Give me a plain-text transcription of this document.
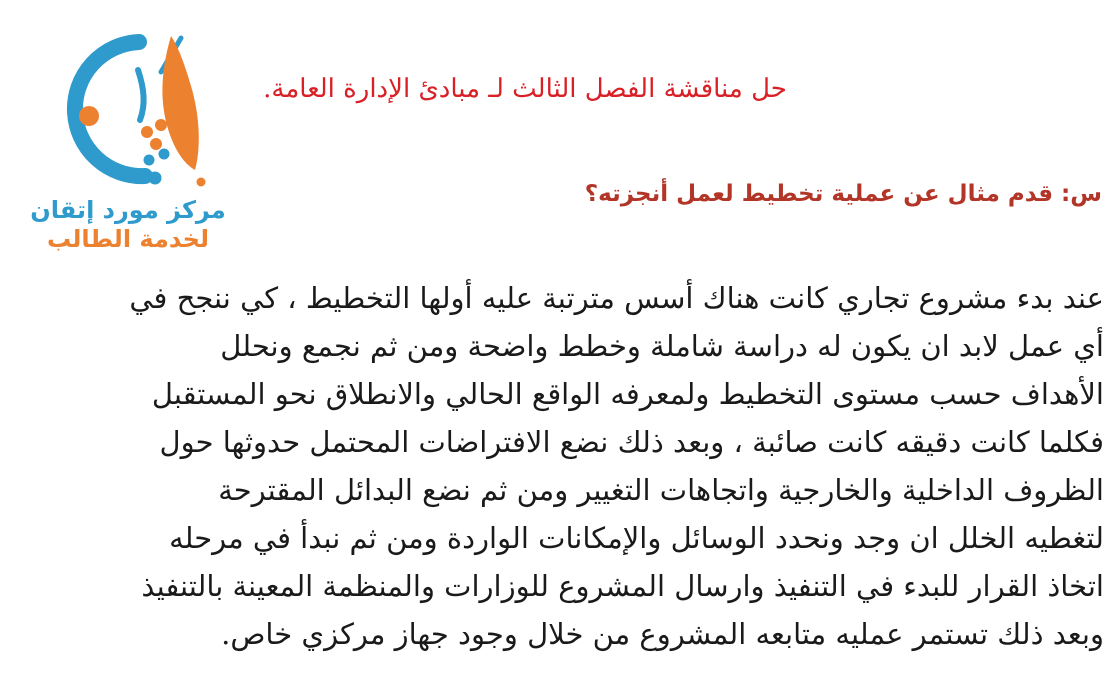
مركز مورد إتقان
لخدمة الطالب
حل مناقشة الفصل الثالث لـ مبادئ الإدارة العامة.
س: قدم مثال عن عملية تخطيط لعمل أنجزته؟
عند بدء مشروع تجاري كانت هناك أسس مترتبة عليه أولها التخطيط ، كي ننجح في
أي عمل لابد ان يكون له دراسة شاملة وخطط واضحة ومن ثم نجمع ونحلل
الأهداف حسب مستوى التخطيط ولمعرفه الواقع الحالي والانطلاق نحو المستقبل
فكلما كانت دقيقه كانت صائبة ، وبعد ذلك نضع الافتراضات المحتمل حدوثها حول
الظروف الداخلية والخارجية واتجاهات التغيير ومن ثم نضع البدائل المقترحة
لتغطيه الخلل ان وجد ونحدد الوسائل والإمكانات الواردة ومن ثم نبدأ في مرحله
اتخاذ القرار للبدء في التنفيذ وارسال المشروع للوزارات والمنظمة المعينة بالتنفيذ
وبعد ذلك تستمر عمليه متابعه المشروع من خلال وجود جهاز مركزي خاص.
